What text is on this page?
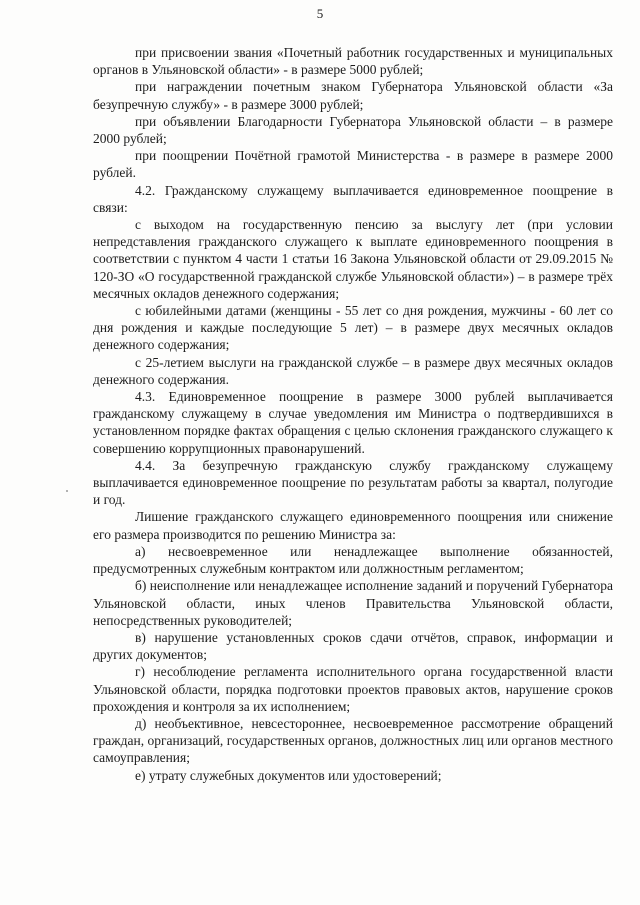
5

при присвоении звания «Почетный работник государственных и муниципальных органов в Ульяновской области» - в размере 5000 рублей;

при награждении почетным знаком Губернатора Ульяновской области «За безупречную службу» - в размере 3000 рублей;

при объявлении Благодарности Губернатора Ульяновской области – в размере 2000 рублей;

при поощрении Почётной грамотой Министерства - в размере в размере 2000 рублей.

4.2. Гражданскому служащему выплачивается единовременное поощрение в связи:

с выходом на государственную пенсию за выслугу лет (при условии непредставления гражданского служащего к выплате единовременного поощрения в соответствии с пунктом 4 части 1 статьи 16 Закона Ульяновской области от 29.09.2015 № 120-ЗО «О государственной гражданской службе Ульяновской области») – в размере трёх месячных окладов денежного содержания;

с юбилейными датами (женщины - 55 лет со дня рождения, мужчины - 60 лет со дня рождения и каждые последующие 5 лет) – в размере двух месячных окладов денежного содержания;

с 25-летием выслуги на гражданской службе – в размере двух месячных окладов денежного содержания.

4.3. Единовременное поощрение в размере 3000 рублей выплачивается гражданскому служащему в случае уведомления им Министра о подтвердившихся в установленном порядке фактах обращения с целью склонения гражданского служащего к совершению коррупционных правонарушений.

4.4. За безупречную гражданскую службу гражданскому служащему выплачивается единовременное поощрение по результатам работы за квартал, полугодие и год.

Лишение гражданского служащего единовременного поощрения или снижение его размера производится по решению Министра за:

а) несвоевременное или ненадлежащее выполнение обязанностей, предусмотренных служебным контрактом или должностным регламентом;

б) неисполнение или ненадлежащее исполнение заданий и поручений Губернатора Ульяновской области, иных членов Правительства Ульяновской области, непосредственных руководителей;

в) нарушение установленных сроков сдачи отчётов, справок, информации и других документов;

г) несоблюдение регламента исполнительного органа государственной власти Ульяновской области, порядка подготовки проектов правовых актов, нарушение сроков прохождения и контроля за их исполнением;

д) необъективное, невсестороннее, несвоевременное рассмотрение обращений граждан, организаций, государственных органов, должностных лиц или органов местного самоуправления;

е) утрату служебных документов или удостоверений;
